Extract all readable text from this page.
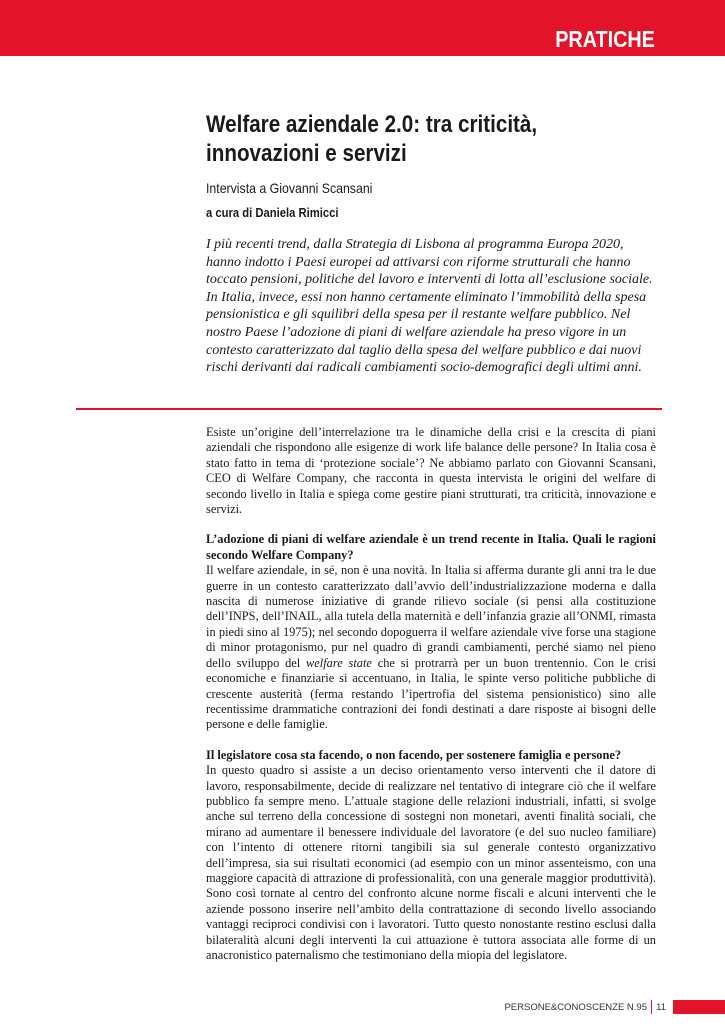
PRATICHE
Welfare aziendale 2.0: tra criticità, innovazioni e servizi
Intervista a Giovanni Scansani
a cura di Daniela Rimicci

I più recenti trend, dalla Strategia di Lisbona al programma Europa 2020, hanno indotto i Paesi europei ad attivarsi con riforme strutturali che hanno toccato pensioni, politiche del lavoro e interventi di lotta all’esclusione sociale. In Italia, invece, essi non hanno certamente eliminato l’immobilità della spesa pensionistica e gli squilibri della spesa per il restante welfare pubblico. Nel nostro Paese l’adozione di piani di welfare aziendale ha preso vigore in un contesto caratterizzato dal taglio della spesa del welfare pubblico e dai nuovi rischi derivanti dai radicali cambiamenti socio-demografici degli ultimi anni.

Esiste un’origine dell’interrelazione tra le dinamiche della crisi e la crescita di piani aziendali che rispondono alle esigenze di work life balance delle persone? In Italia cosa è stato fatto in tema di ‘protezione sociale’? Ne abbiamo parlato con Giovanni Scansani, CEO di Welfare Company, che racconta in questa intervista le origini del welfare di secondo livello in Italia e spiega come gestire piani strutturati, tra criticità, innovazione e servizi.

L’adozione di piani di welfare aziendale è un trend recente in Italia. Quali le ragioni secondo Welfare Company?

Il welfare aziendale, in sé, non è una novità. In Italia si afferma durante gli anni tra le due guerre in un contesto caratterizzato dall’avvio dell’industrializzazione moderna e dalla nascita di numerose iniziative di grande rilievo sociale (si pensi alla costituzione dell’INPS, dell’INAIL, alla tutela della maternità e dell’infanzia grazie all’ONMI, rimasta in piedi sino al 1975); nel secondo dopoguerra il welfare aziendale vive forse una stagione di minor protagonismo, pur nel quadro di grandi cambiamenti, perché siamo nel pieno dello sviluppo del welfare state che si protrarrà per un buon trentennio. Con le crisi economiche e finanziarie si accentuano, in Italia, le spinte verso politiche pubbliche di crescente austerità (ferma restando l’ipertrofia del sistema pensionistico) sino alle recentissime drammatiche contrazioni dei fondi destinati a dare risposte ai bisogni delle persone e delle famiglie.

Il legislatore cosa sta facendo, o non facendo, per sostenere famiglia e persone?

In questo quadro si assiste a un deciso orientamento verso interventi che il datore di lavoro, responsabilmente, decide di realizzare nel tentativo di integrare ciò che il welfare pubblico fa sempre meno. L’attuale stagione delle relazioni industriali, infatti, si svolge anche sul terreno della concessione di sostegni non monetari, aventi finalità sociali, che mirano ad aumentare il benessere individuale del lavoratore (e del suo nucleo familiare) con l’intento di ottenere ritorni tangibili sia sul generale contesto organizzativo dell’impresa, sia sui risultati economici (ad esempio con un minor assenteismo, con una maggiore capacità di attrazione di professionalità, con una generale maggior produttività). Sono così tornate al centro del confronto alcune norme fiscali e alcuni interventi che le aziende possono inserire nell’ambito della contrattazione di secondo livello associando vantaggi reciproci condivisi con i lavoratori. Tutto questo nonostante restino esclusi dalla bilateralità alcuni degli interventi la cui attuazione è tuttora associata alle forme di un anacronistico paternalismo che testimoniano della miopia del legislatore.

PERSONE&CONOSCENZE N.95 11
